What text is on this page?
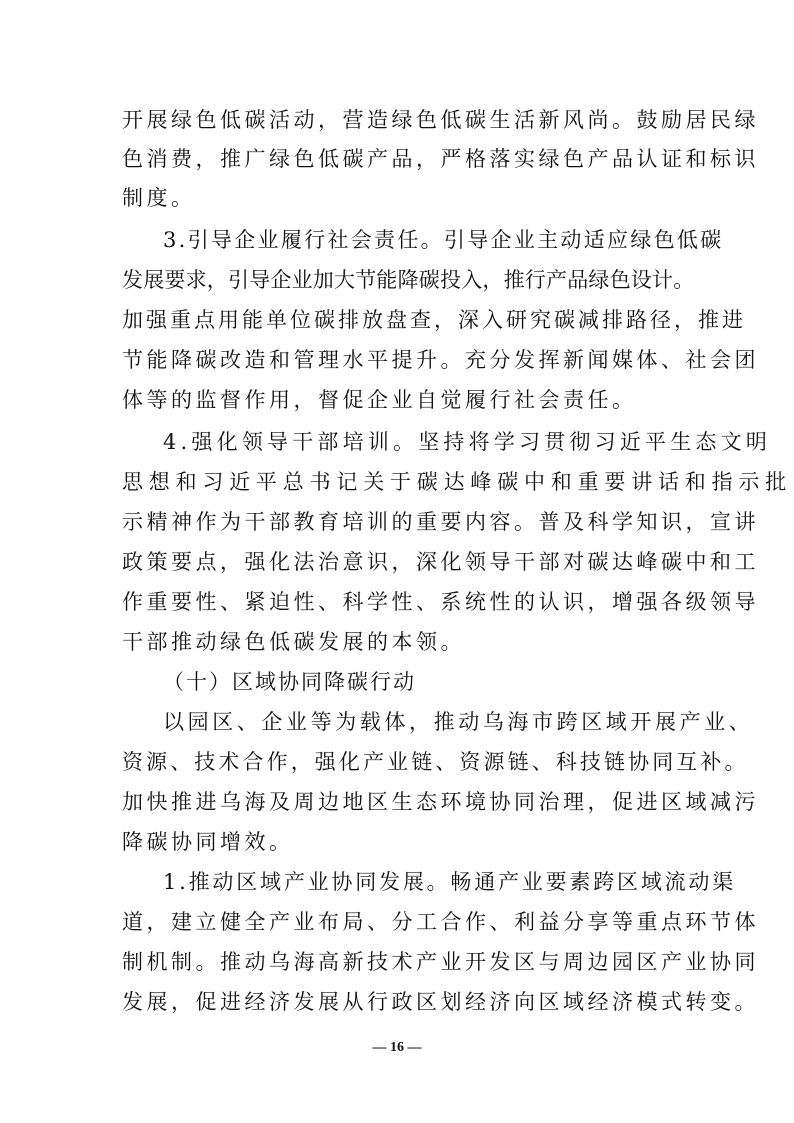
开展绿色低碳活动，营造绿色低碳生活新风尚。鼓励居民绿
色消费，推广绿色低碳产品，严格落实绿色产品认证和标识
制度。
3.引导企业履行社会责任。引导企业主动适应绿色低碳
发展要求，引导企业加大节能降碳投入，推行产品绿色设计。
加强重点用能单位碳排放盘查，深入研究碳减排路径，推进
节能降碳改造和管理水平提升。充分发挥新闻媒体、社会团
体等的监督作用，督促企业自觉履行社会责任。
4.强化领导干部培训。坚持将学习贯彻习近平生态文明
思想和习近平总书记关于碳达峰碳中和重要讲话和指示批
示精神作为干部教育培训的重要内容。普及科学知识，宣讲
政策要点，强化法治意识，深化领导干部对碳达峰碳中和工
作重要性、紧迫性、科学性、系统性的认识，增强各级领导
干部推动绿色低碳发展的本领。
（十）区域协同降碳行动
以园区、企业等为载体，推动乌海市跨区域开展产业、
资源、技术合作，强化产业链、资源链、科技链协同互补。
加快推进乌海及周边地区生态环境协同治理，促进区域减污
降碳协同增效。
1.推动区域产业协同发展。畅通产业要素跨区域流动渠
道，建立健全产业布局、分工合作、利益分享等重点环节体
制机制。推动乌海高新技术产业开发区与周边园区产业协同
发展，促进经济发展从行政区划经济向区域经济模式转变。
— 16 —
